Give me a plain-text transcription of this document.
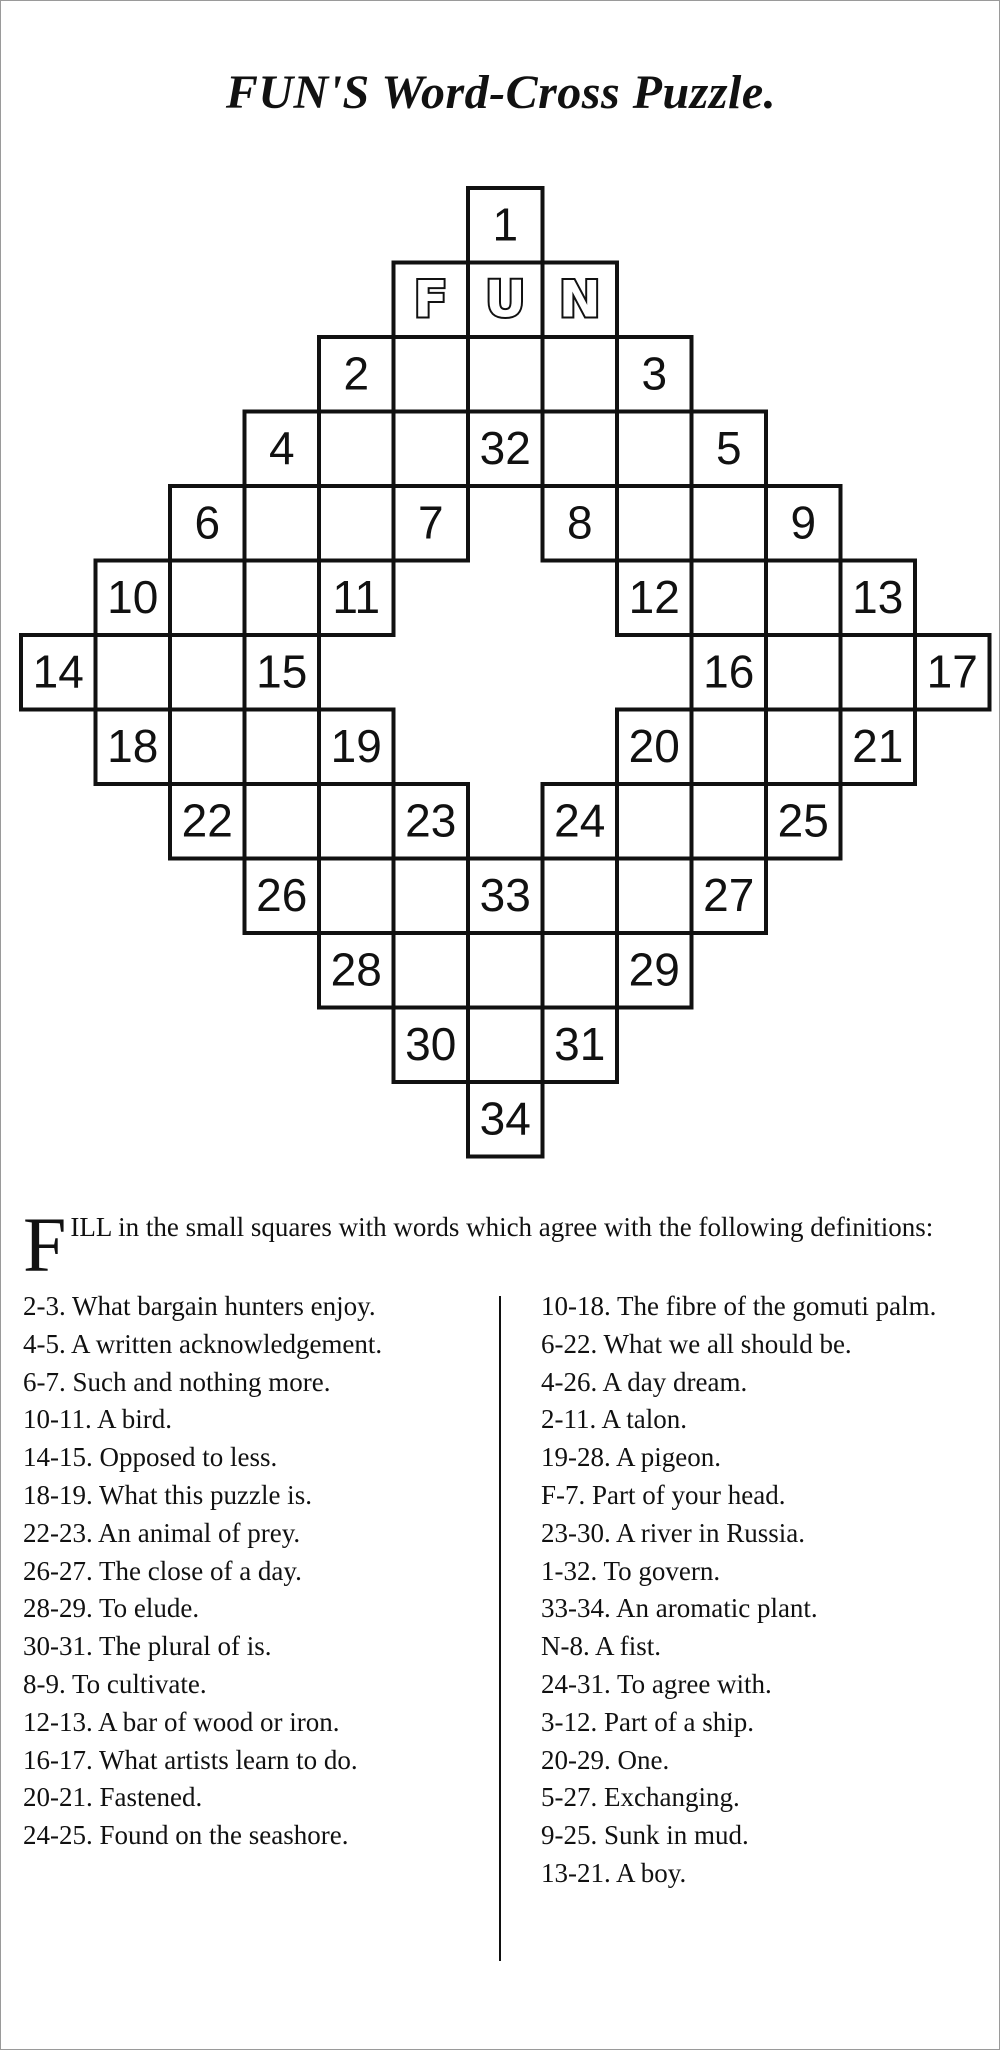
FUN'S Word-Cross Puzzle.
1
2	3
4	32	5
6	7	8	9
10	11	12	13
14	15	16	17
18	19	20	21
22	23 24	25
26	33	27
28	29
30 31
34
F U N
FILL in the small squares with words which agree with the following definitions:
2-3. What bargain hunters enjoy.
4-5. A written acknowledgement.
6-7. Such and nothing more.
10-11. A bird.
14-15. Opposed to less.
18-19. What this puzzle is.
22-23. An animal of prey.
26-27. The close of a day.
28-29. To elude.
30-31. The plural of is.
8-9. To cultivate.
12-13. A bar of wood or iron.
16-17. What artists learn to do.
20-21. Fastened.
24-25. Found on the seashore.
10-18. The fibre of the gomuti palm.
6-22. What we all should be.
4-26. A day dream.
2-11. A talon.
19-28. A pigeon.
F-7. Part of your head.
23-30. A river in Russia.
1-32. To govern.
33-34. An aromatic plant.
N-8. A fist.
24-31. To agree with.
3-12. Part of a ship.
20-29. One.
5-27. Exchanging.
9-25. Sunk in mud.
13-21. A boy.
